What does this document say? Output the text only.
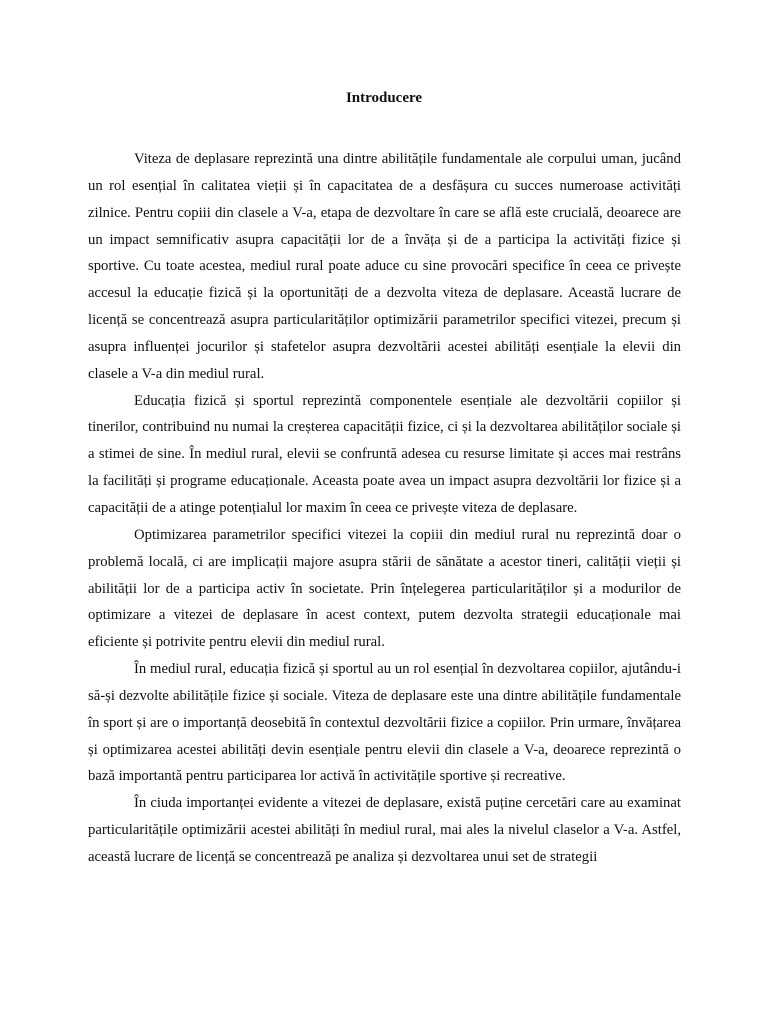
Introducere

Viteza de deplasare reprezintă una dintre abilitățile fundamentale ale corpului uman, jucând un rol esențial în calitatea vieții și în capacitatea de a desfășura cu succes numeroase activități zilnice. Pentru copiii din clasele a V-a, etapa de dezvoltare în care se află este crucială, deoarece are un impact semnificativ asupra capacității lor de a învăța și de a participa la activități fizice și sportive. Cu toate acestea, mediul rural poate aduce cu sine provocări specifice în ceea ce privește accesul la educație fizică și la oportunități de a dezvolta viteza de deplasare. Această lucrare de licență se concentrează asupra particularităților optimizării parametrilor specifici vitezei, precum și asupra influenței jocurilor și stafetelor asupra dezvoltării acestei abilități esențiale la elevii din clasele a V-a din mediul rural.

Educația fizică și sportul reprezintă componentele esențiale ale dezvoltării copiilor și tinerilor, contribuind nu numai la creșterea capacității fizice, ci și la dezvoltarea abilităților sociale și a stimei de sine. În mediul rural, elevii se confruntă adesea cu resurse limitate și acces mai restrâns la facilități și programe educaționale. Aceasta poate avea un impact asupra dezvoltării lor fizice și a capacității de a atinge potențialul lor maxim în ceea ce privește viteza de deplasare.

Optimizarea parametrilor specifici vitezei la copiii din mediul rural nu reprezintă doar o problemă locală, ci are implicații majore asupra stării de sănătate a acestor tineri, calității vieții și abilității lor de a participa activ în societate. Prin înțelegerea particularităților și a modurilor de optimizare a vitezei de deplasare în acest context, putem dezvolta strategii educaționale mai eficiente și potrivite pentru elevii din mediul rural.

În mediul rural, educația fizică și sportul au un rol esențial în dezvoltarea copiilor, ajutându-i să-și dezvolte abilitățile fizice și sociale. Viteza de deplasare este una dintre abilitățile fundamentale în sport și are o importanță deosebită în contextul dezvoltării fizice a copiilor. Prin urmare, învățarea și optimizarea acestei abilități devin esențiale pentru elevii din clasele a V-a, deoarece reprezintă o bază importantă pentru participarea lor activă în activitățile sportive și recreative.

În ciuda importanței evidente a vitezei de deplasare, există puține cercetări care au examinat particularitățile optimizării acestei abilități în mediul rural, mai ales la nivelul claselor a V-a. Astfel, această lucrare de licență se concentrează pe analiza și dezvoltarea unui set de strategii
